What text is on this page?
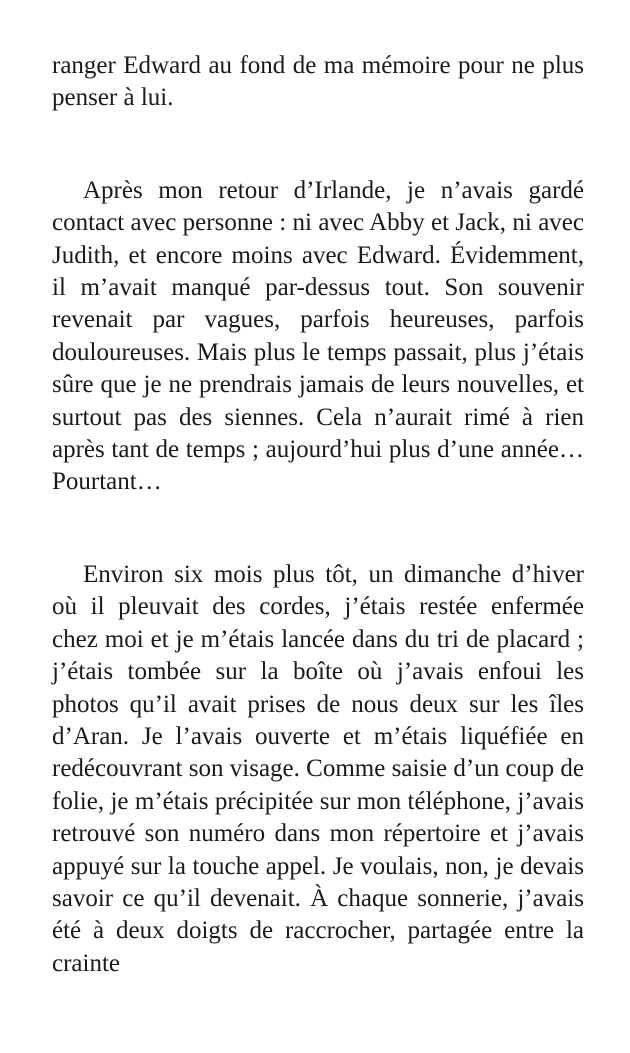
ranger Edward au fond de ma mémoire pour ne plus penser à lui.

Après mon retour d’Irlande, je n’avais gardé contact avec personne : ni avec Abby et Jack, ni avec Judith, et encore moins avec Edward. Évidemment, il m’avait manqué par-dessus tout. Son souvenir revenait par vagues, parfois heureuses, parfois douloureuses. Mais plus le temps passait, plus j’étais sûre que je ne prendrais jamais de leurs nouvelles, et surtout pas des siennes. Cela n’aurait rimé à rien après tant de temps ; aujourd’hui plus d’une année… Pourtant…

Environ six mois plus tôt, un dimanche d’hiver où il pleuvait des cordes, j’étais restée enfermée chez moi et je m’étais lancée dans du tri de placard ; j’étais tombée sur la boîte où j’avais enfoui les photos qu’il avait prises de nous deux sur les îles d’Aran. Je l’avais ouverte et m’étais liquéfiée en redécouvrant son visage. Comme saisie d’un coup de folie, je m’étais précipitée sur mon téléphone, j’avais retrouvé son numéro dans mon répertoire et j’avais appuyé sur la touche appel. Je voulais, non, je devais savoir ce qu’il devenait. À chaque sonnerie, j’avais été à deux doigts de raccrocher, partagée entre la crainte
